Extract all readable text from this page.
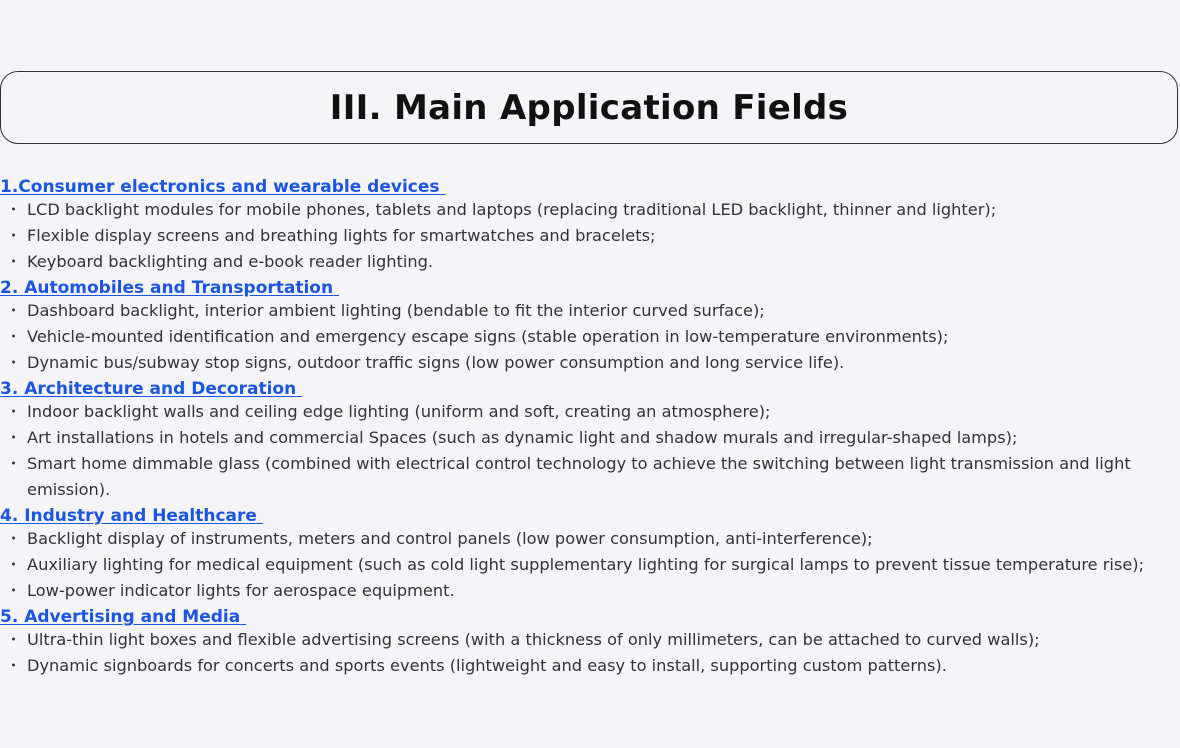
III. Main Application Fields
1.Consumer electronics and wearable devices
・ LCD backlight modules for mobile phones, tablets and laptops (replacing traditional LED backlight, thinner and lighter);
・ Flexible display screens and breathing lights for smartwatches and bracelets;
・ Keyboard backlighting and e-book reader lighting.
2. Automobiles and Transportation
・ Dashboard backlight, interior ambient lighting (bendable to fit the interior curved surface);
・ Vehicle-mounted identification and emergency escape signs (stable operation in low-temperature environments);
・ Dynamic bus/subway stop signs, outdoor traffic signs (low power consumption and long service life).
3. Architecture and Decoration
・ Indoor backlight walls and ceiling edge lighting (uniform and soft, creating an atmosphere);
・ Art installations in hotels and commercial Spaces (such as dynamic light and shadow murals and irregular-shaped lamps);
・ Smart home dimmable glass (combined with electrical control technology to achieve the switching between light transmission and light emission).
4. Industry and Healthcare
・ Backlight display of instruments, meters and control panels (low power consumption, anti-interference);
・ Auxiliary lighting for medical equipment (such as cold light supplementary lighting for surgical lamps to prevent tissue temperature rise);
・ Low-power indicator lights for aerospace equipment.
5. Advertising and Media
・ Ultra-thin light boxes and flexible advertising screens (with a thickness of only millimeters, can be attached to curved walls);
・ Dynamic signboards for concerts and sports events (lightweight and easy to install, supporting custom patterns).
